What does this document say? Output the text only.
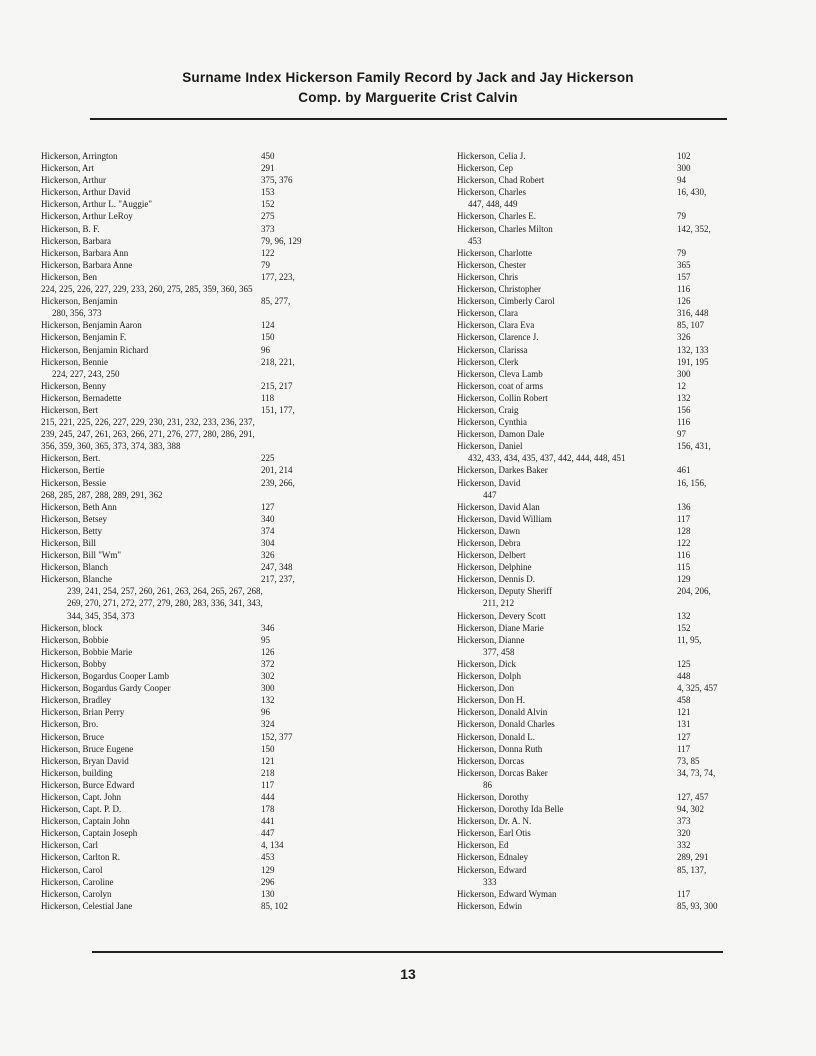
Surname Index Hickerson Family Record by Jack and Jay Hickerson
Comp. by Marguerite Crist Calvin
Hickerson, Arrington	450
Hickerson, Art	291
Hickerson, Arthur	375, 376
Hickerson, Arthur David	153
Hickerson, Arthur L. "Auggie"	152
Hickerson, Arthur LeRoy	275
Hickerson, B. F.	373
Hickerson, Barbara	79, 96, 129
Hickerson, Barbara Ann	122
Hickerson, Barbara Anne	79
Hickerson, Ben	177, 223,
224, 225, 226, 227, 229, 233, 260, 275, 285, 359, 360, 365
Hickerson, Benjamin	85, 277,
280, 356, 373
Hickerson, Benjamin Aaron	124
Hickerson, Benjamin F.	150
Hickerson, Benjamin Richard	96
Hickerson, Bennie	218, 221,
224, 227, 243, 250
Hickerson, Benny	215, 217
Hickerson, Bernadette	118
Hickerson, Bert	151, 177,
215, 221, 225, 226, 227, 229, 230, 231, 232, 233, 236, 237,
239, 245, 247, 261, 263, 266, 271, 276, 277, 280, 286, 291,
356, 359, 360, 365, 373, 374, 383, 388
Hickerson, Bert.	225
Hickerson, Bertie	201, 214
Hickerson, Bessie	239, 266,
268, 285, 287, 288, 289, 291, 362
Hickerson, Beth Ann	127
Hickerson, Betsey	340
Hickerson, Betty	374
Hickerson, Bill	304
Hickerson, Bill "Wm"	326
Hickerson, Blanch	247, 348
Hickerson, Blanche	217, 237,
239, 241, 254, 257, 260, 261, 263, 264, 265, 267, 268,
269, 270, 271, 272, 277, 279, 280, 283, 336, 341, 343,
344, 345, 354, 373
Hickerson, block	346
Hickerson, Bobbie	95
Hickerson, Bobbie Marie	126
Hickerson, Bobby	372
Hickerson, Bogardus Cooper Lamb	302
Hickerson, Bogardus Gardy Cooper	300
Hickerson, Bradley	132
Hickerson, Brian Perry	96
Hickerson, Bro.	324
Hickerson, Bruce	152, 377
Hickerson, Bruce Eugene	150
Hickerson, Bryan David	121
Hickerson, building	218
Hickerson, Burce Edward	117
Hickerson, Capt. John	444
Hickerson, Capt. P. D.	178
Hickerson, Captain John	441
Hickerson, Captain Joseph	447
Hickerson, Carl	4, 134
Hickerson, Carlton R.	453
Hickerson, Carol	129
Hickerson, Caroline	296
Hickerson, Carolyn	130
Hickerson, Celestial Jane	85, 102
Hickerson, Celia J.	102
Hickerson, Cep	300
Hickerson, Chad Robert	94
Hickerson, Charles	16, 430,
447, 448, 449
Hickerson, Charles E.	79
Hickerson, Charles Milton	142, 352,
453
Hickerson, Charlotte	79
Hickerson, Chester	365
Hickerson, Chris	157
Hickerson, Christopher	116
Hickerson, Cimberly Carol	126
Hickerson, Clara	316, 448
Hickerson, Clara Eva	85, 107
Hickerson, Clarence J.	326
Hickerson, Clarissa	132, 133
Hickerson, Clerk	191, 195
Hickerson, Cleva Lamb	300
Hickerson, coat of arms	12
Hickerson, Collin Robert	132
Hickerson, Craig	156
Hickerson, Cynthia	116
Hickerson, Damon Dale	97
Hickerson, Daniel	156, 431,
432, 433, 434, 435, 437, 442, 444, 448, 451
Hickerson, Darkes Baker	461
Hickerson, David	16, 156,
447
Hickerson, David Alan	136
Hickerson, David William	117
Hickerson, Dawn	128
Hickerson, Debra	122
Hickerson, Delbert	116
Hickerson, Delphine	115
Hickerson, Dennis D.	129
Hickerson, Deputy Sheriff	204, 206,
211, 212
Hickerson, Devery Scott	132
Hickerson, Diane Marie	152
Hickerson, Dianne	11, 95,
377, 458
Hickerson, Dick	125
Hickerson, Dolph	448
Hickerson, Don	4, 325, 457
Hickerson, Don H.	458
Hickerson, Donald Alvin	121
Hickerson, Donald Charles	131
Hickerson, Donald L.	127
Hickerson, Donna Ruth	117
Hickerson, Dorcas	73, 85
Hickerson, Dorcas Baker	34, 73, 74,
86
Hickerson, Dorothy	127, 457
Hickerson, Dorothy Ida Belle	94, 302
Hickerson, Dr. A. N.	373
Hickerson, Earl Otis	320
Hickerson, Ed	332
Hickerson, Ednaley	289, 291
Hickerson, Edward	85, 137,
333
Hickerson, Edward Wyman	117
Hickerson, Edwin	85, 93, 300
13
